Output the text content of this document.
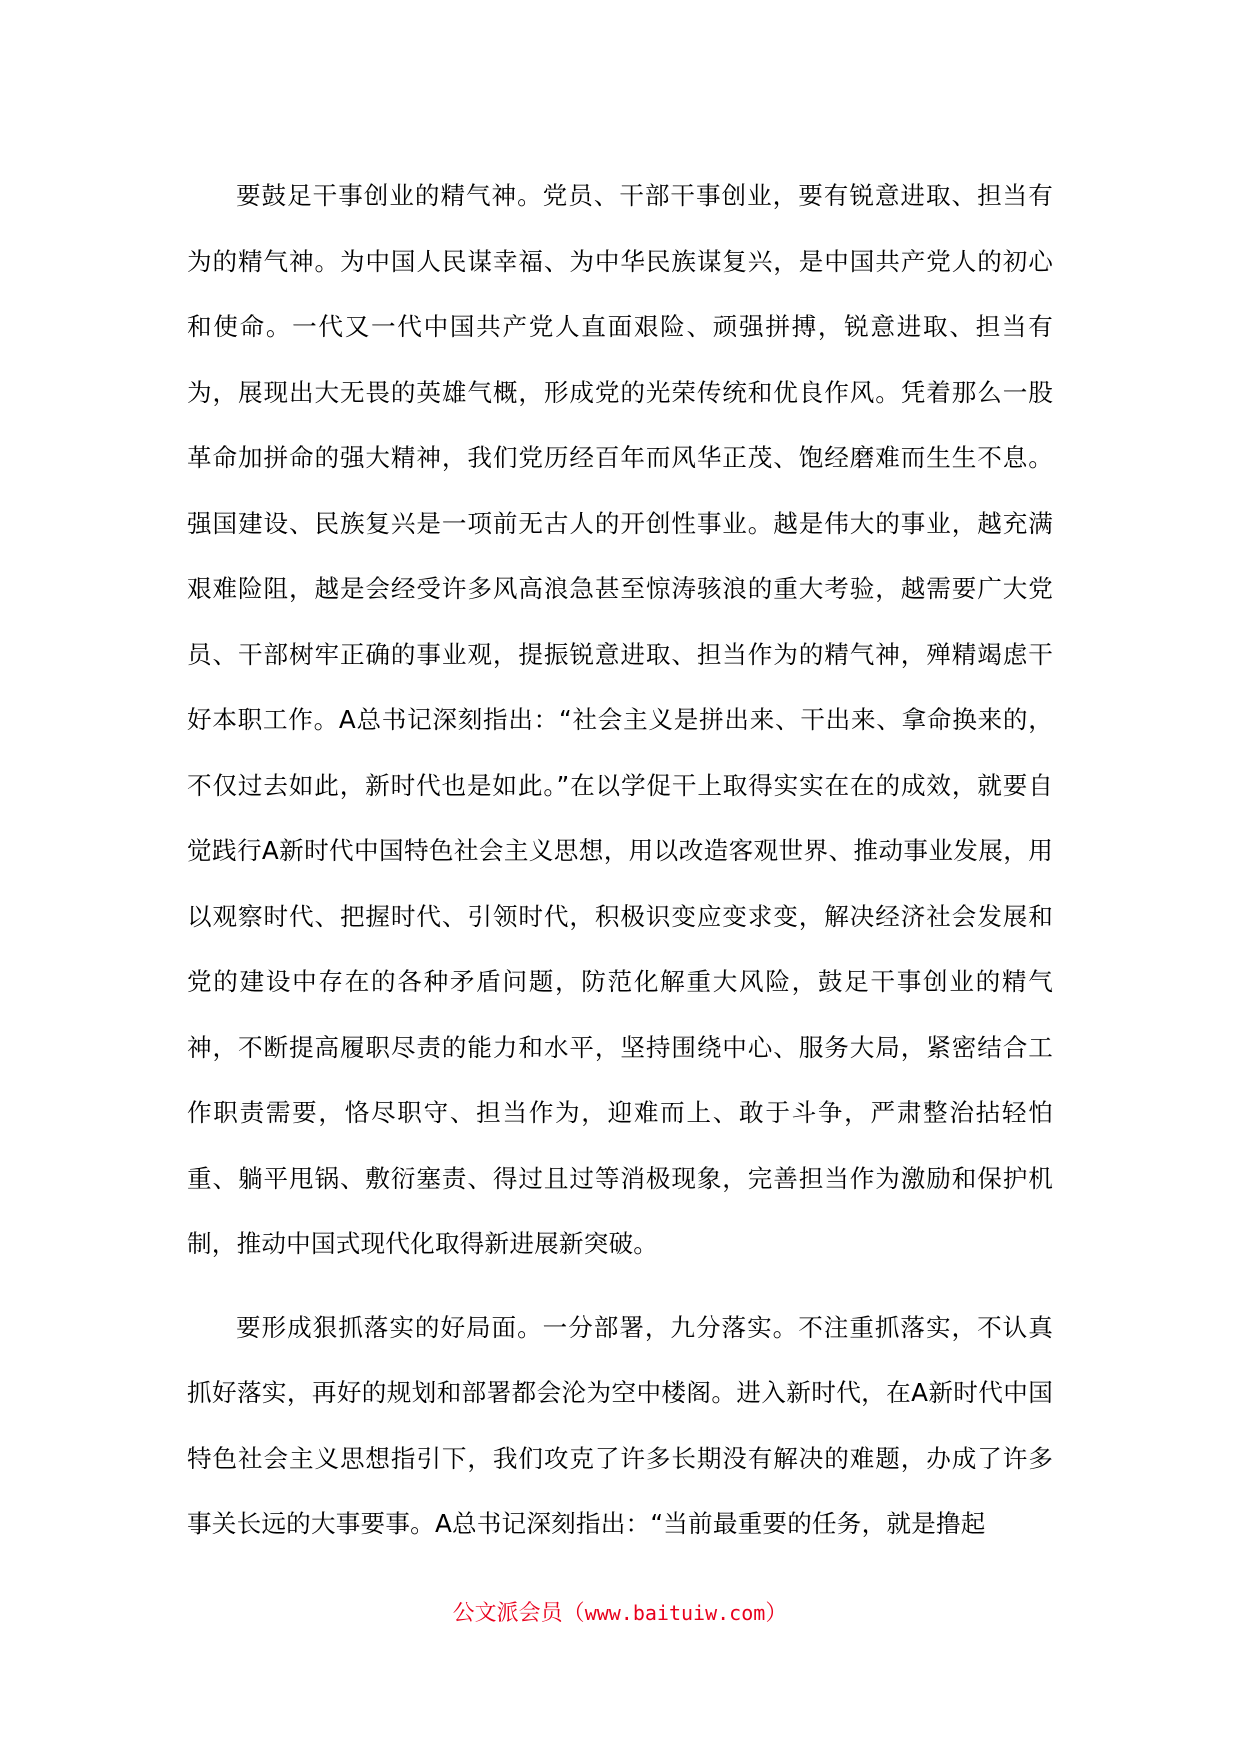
要鼓足干事创业的精气神。党员、干部干事创业，要有锐意进取、担当有为的精气神。为中国人民谋幸福、为中华民族谋复兴，是中国共产党人的初心和使命。一代又一代中国共产党人直面艰险、顽强拼搏，锐意进取、担当有为，展现出大无畏的英雄气概，形成党的光荣传统和优良作风。凭着那么一股革命加拼命的强大精神，我们党历经百年而风华正茂、饱经磨难而生生不息。强国建设、民族复兴是一项前无古人的开创性事业。越是伟大的事业，越充满艰难险阻，越是会经受许多风高浪急甚至惊涛骇浪的重大考验，越需要广大党员、干部树牢正确的事业观，提振锐意进取、担当作为的精气神，殚精竭虑干好本职工作。A总书记深刻指出：“社会主义是拼出来、干出来、拿命换来的，不仅过去如此，新时代也是如此。”在以学促干上取得实实在在的成效，就要自觉践行A新时代中国特色社会主义思想，用以改造客观世界、推动事业发展，用以观察时代、把握时代、引领时代，积极识变应变求变，解决经济社会发展和党的建设中存在的各种矛盾问题，防范化解重大风险，鼓足干事创业的精气神，不断提高履职尽责的能力和水平，坚持围绕中心、服务大局，紧密结合工作职责需要，恪尽职守、担当作为，迎难而上、敢于斗争，严肃整治拈轻怕重、躺平甩锅、敷衍塞责、得过且过等消极现象，完善担当作为激励和保护机制，推动中国式现代化取得新进展新突破。

要形成狠抓落实的好局面。一分部署，九分落实。不注重抓落实，不认真抓好落实，再好的规划和部署都会沦为空中楼阁。进入新时代，在A新时代中国特色社会主义思想指引下，我们攻克了许多长期没有解决的难题，办成了许多事关长远的大事要事。A总书记深刻指出：“当前最重要的任务，就是撸起

公文派会员（www.baituiw.com）
